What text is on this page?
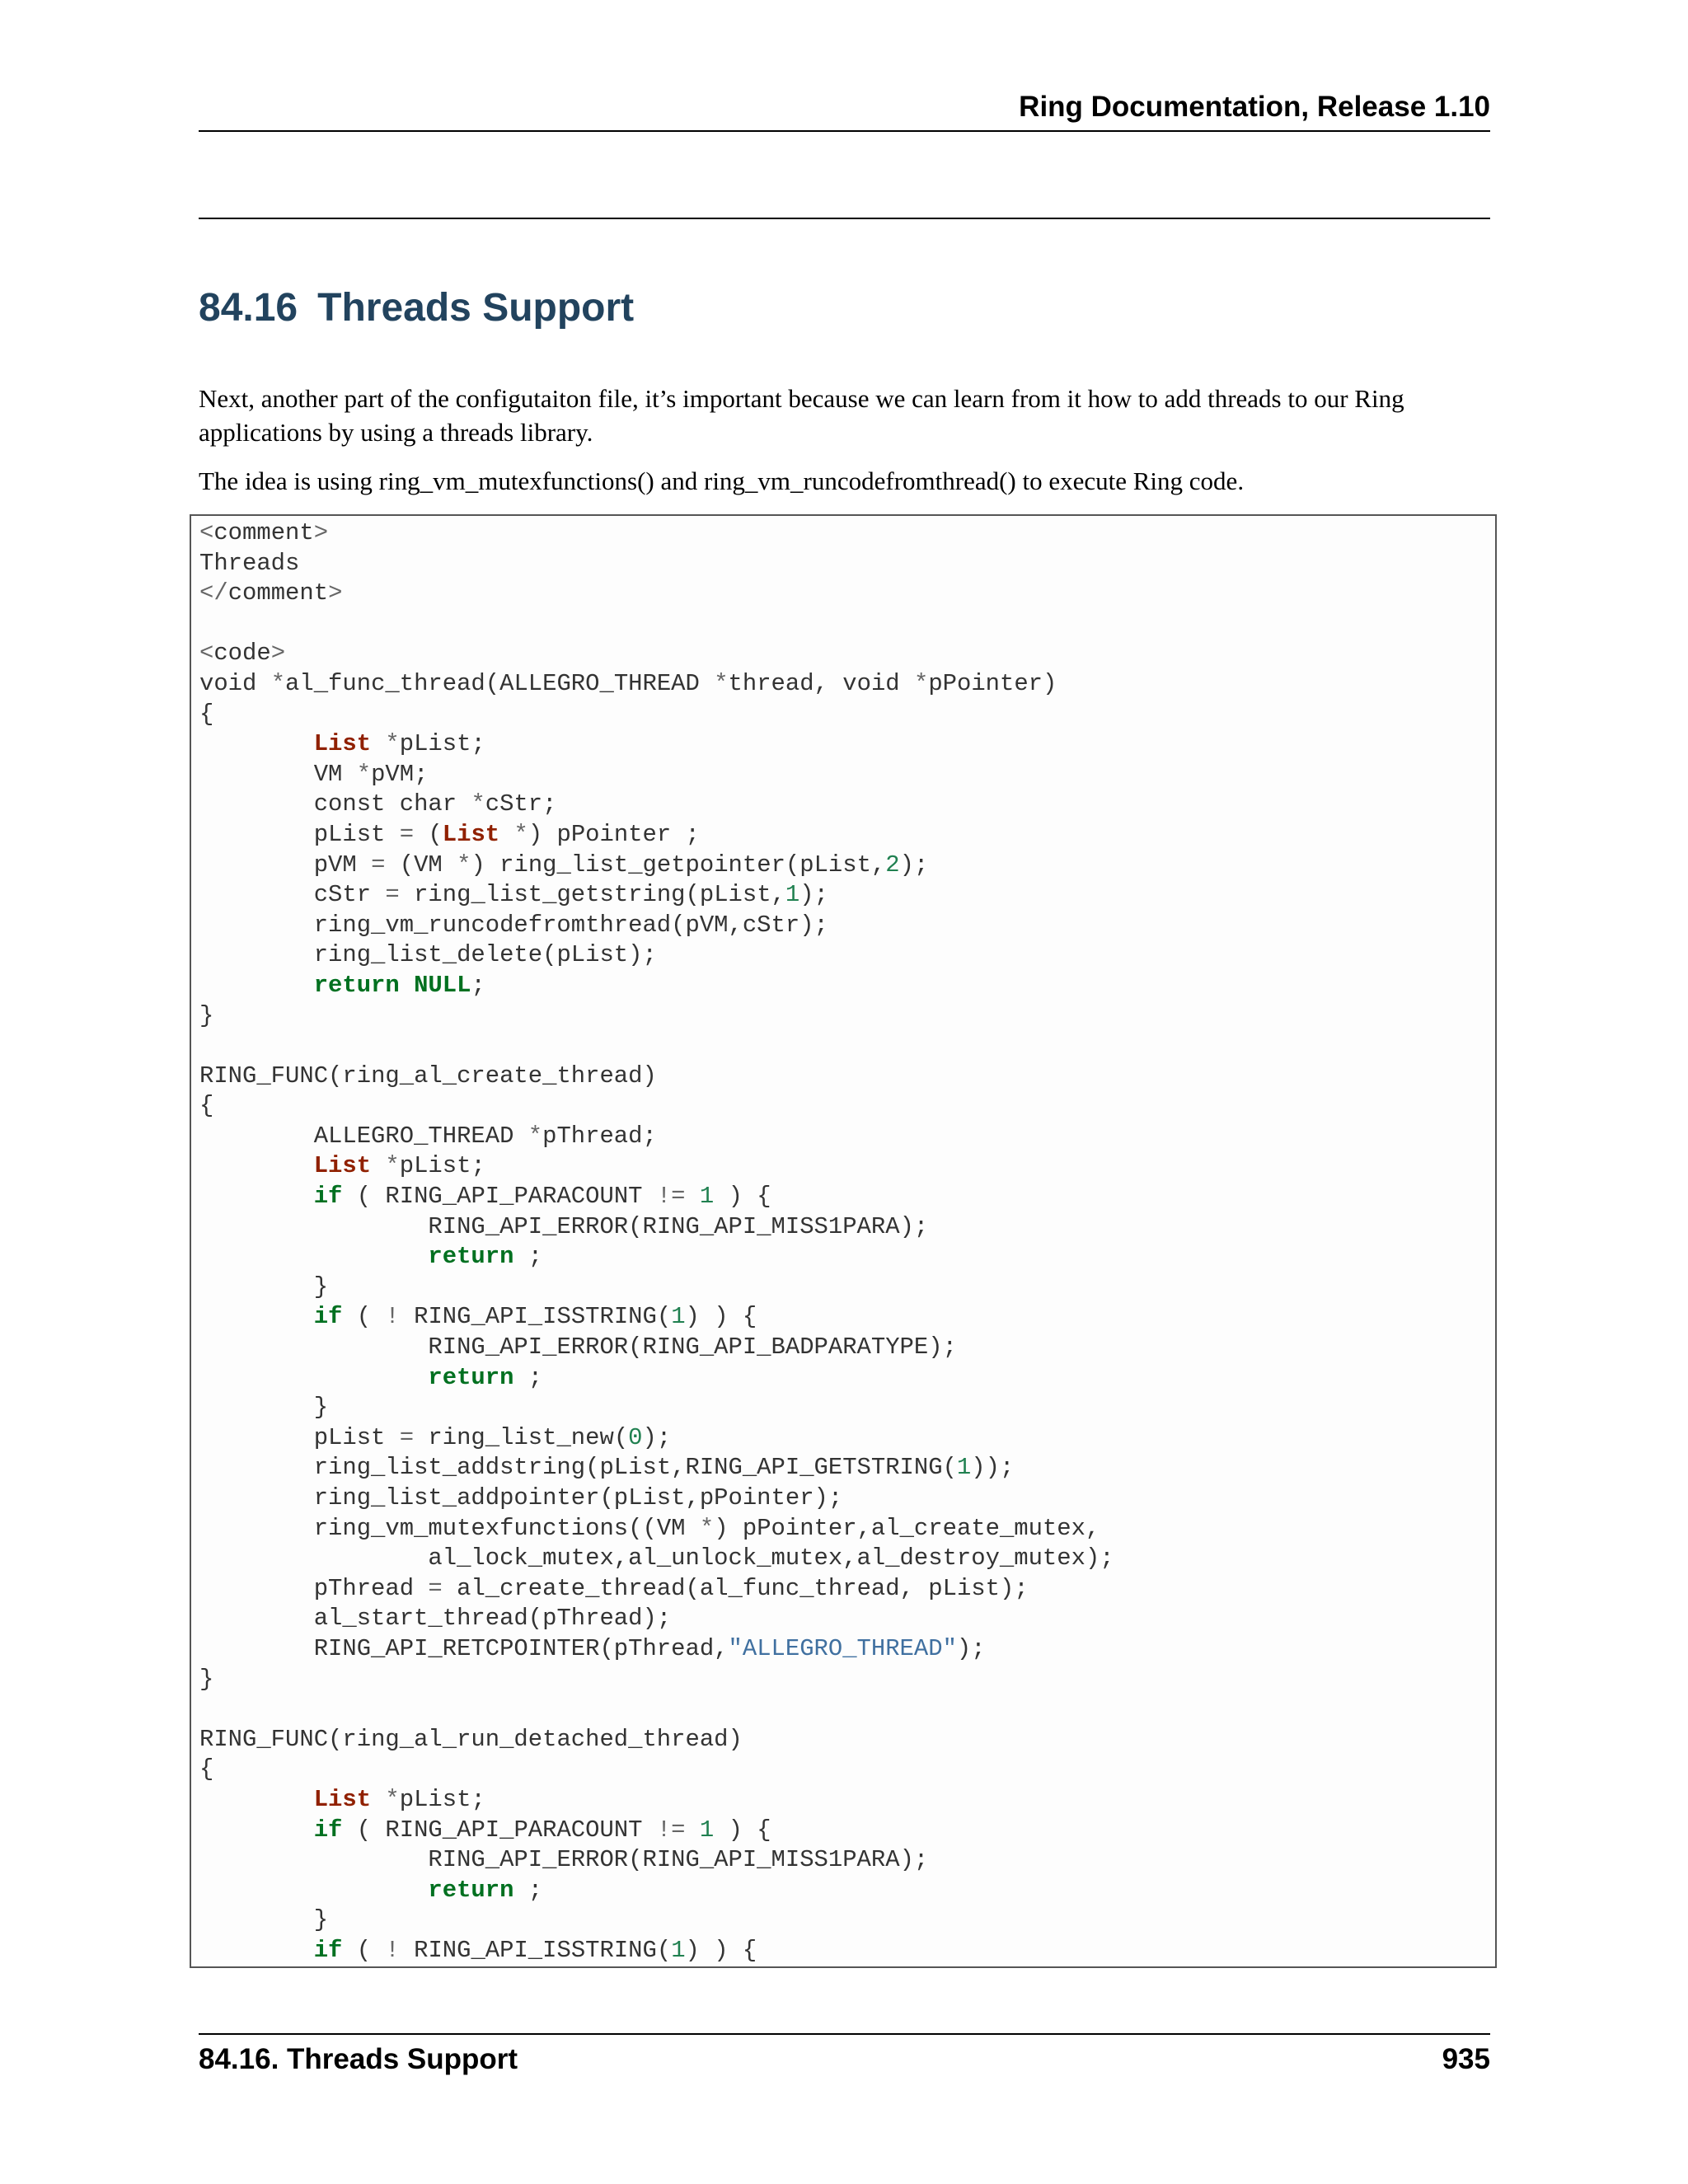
Ring Documentation, Release 1.10
84.16 Threads Support

Next, another part of the configutaiton file, it’s important because we can learn from it how to add threads to our Ring applications by using a threads library.

The idea is using ring_vm_mutexfunctions() and ring_vm_runcodefromthread() to execute Ring code.

<comment>
Threads
</comment>

<code>
void *al_func_thread(ALLEGRO_THREAD *thread, void *pPointer)
{
	List *pList;
	VM *pVM;
	const char *cStr;
	pList = (List *) pPointer ;
	pVM = (VM *) ring_list_getpointer(pList,2);
	cStr = ring_list_getstring(pList,1);
	ring_vm_runcodefromthread(pVM,cStr);
	ring_list_delete(pList);
	return NULL;
}

RING_FUNC(ring_al_create_thread)
{
	ALLEGRO_THREAD *pThread;
	List *pList;
	if ( RING_API_PARACOUNT != 1 ) {
		RING_API_ERROR(RING_API_MISS1PARA);
		return ;
	}
	if ( ! RING_API_ISSTRING(1) ) {
		RING_API_ERROR(RING_API_BADPARATYPE);
		return ;
	}
	pList = ring_list_new(0);
	ring_list_addstring(pList,RING_API_GETSTRING(1));
	ring_list_addpointer(pList,pPointer);
	ring_vm_mutexfunctions((VM *) pPointer,al_create_mutex,
		al_lock_mutex,al_unlock_mutex,al_destroy_mutex);
	pThread = al_create_thread(al_func_thread, pList);
	al_start_thread(pThread);
	RING_API_RETCPOINTER(pThread,"ALLEGRO_THREAD");
}

RING_FUNC(ring_al_run_detached_thread)
{
	List *pList;
	if ( RING_API_PARACOUNT != 1 ) {
		RING_API_ERROR(RING_API_MISS1PARA);
		return ;
	}
	if ( ! RING_API_ISSTRING(1) ) {
84.16. Threads Support	935
